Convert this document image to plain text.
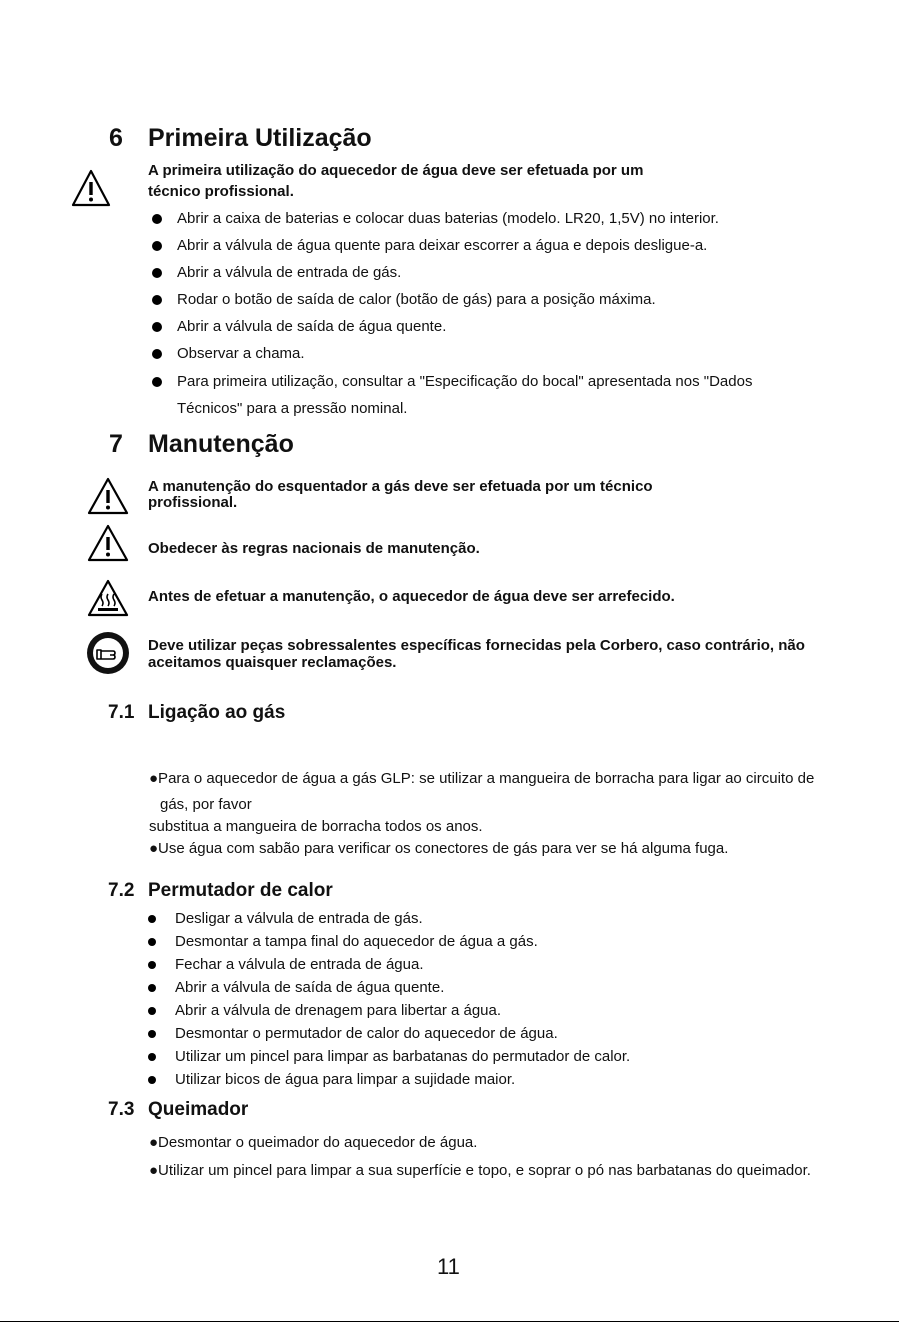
6 Primeira Utilização
A primeira utilização do aquecedor de água deve ser efetuada por um
técnico profissional.
Abrir a caixa de baterias e colocar duas baterias (modelo. LR20, 1,5V) no interior.
Abrir a válvula de água quente para deixar escorrer a água e depois desligue-a.
Abrir a válvula de entrada de gás.
Rodar o botão de saída de calor (botão de gás) para a posição máxima.
Abrir a válvula de saída de água quente.
Observar a chama.
Para primeira utilização, consultar a "Especificação do bocal" apresentada nos "Dados
Técnicos" para a pressão nominal.
7 Manutenção
A manutenção do esquentador a gás deve ser efetuada por um técnico
profissional.
Obedecer às regras nacionais de manutenção.
Antes de efetuar a manutenção, o aquecedor de água deve ser arrefecido.
Deve utilizar peças sobressalentes específicas fornecidas pela Corbero, caso contrário, não
aceitamos quaisquer reclamações.
7.1 Ligação ao gás
●Para o aquecedor de água a gás GLP: se utilizar a mangueira de borracha para ligar ao circuito de
gás, por favor
substitua a mangueira de borracha todos os anos.
●Use água com sabão para verificar os conectores de gás para ver se há alguma fuga.
7.2 Permutador de calor
Desligar a válvula de entrada de gás.
Desmontar a tampa final do aquecedor de água a gás.
Fechar a válvula de entrada de água.
Abrir a válvula de saída de água quente.
Abrir a válvula de drenagem para libertar a água.
Desmontar o permutador de calor do aquecedor de água.
Utilizar um pincel para limpar as barbatanas do permutador de calor.
Utilizar bicos de água para limpar a sujidade maior.
7.3 Queimador
●Desmontar o queimador do aquecedor de água.
●Utilizar um pincel para limpar a sua superfície e topo, e soprar o pó nas barbatanas do queimador.
11
